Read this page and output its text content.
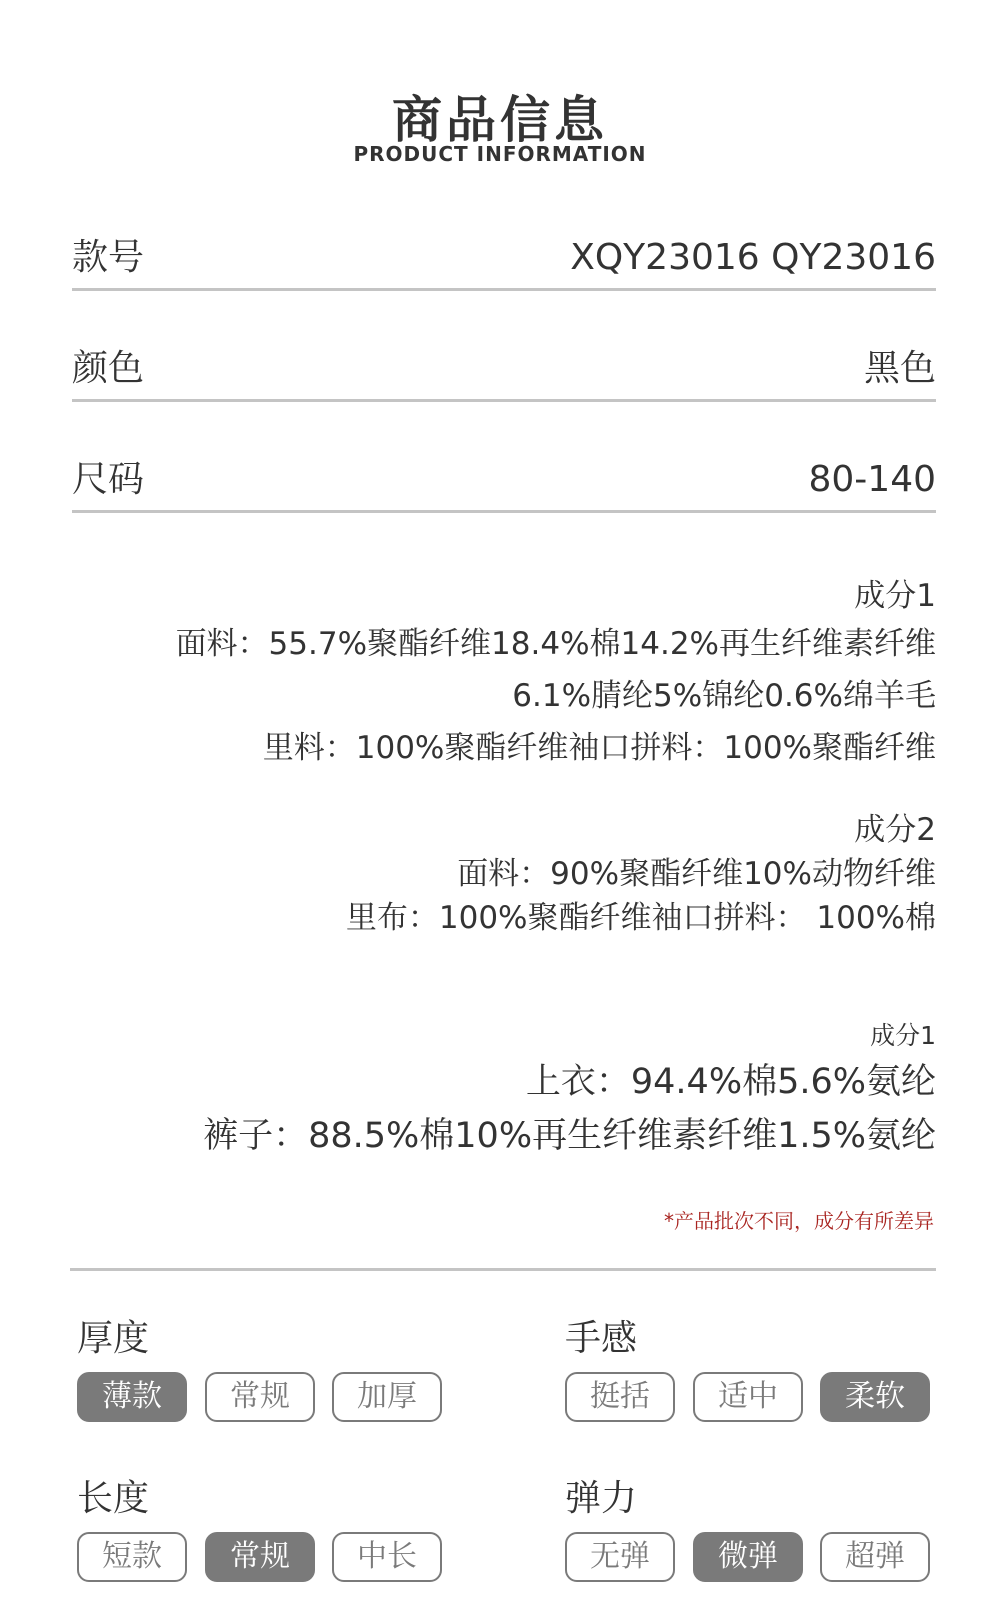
商品信息
PRODUCT INFORMATION
款号	XQY23016 QY23016
颜色	黑色
尺码	80-140
成分1
面料：55.7%聚酯纤维18.4%棉14.2%再生纤维素纤维
6.1%腈纶5%锦纶0.6%绵羊毛
里料：100%聚酯纤维袖口拼料：100%聚酯纤维
成分2
面料：90%聚酯纤维10%动物纤维
里布：100%聚酯纤维袖口拼料： 100%棉
成分1
上衣：94.4%棉5.6%氨纶
裤子：88.5%棉10%再生纤维素纤维1.5%氨纶
*产品批次不同，成分有所差异
厚度
薄款	常规	加厚
手感
挺括	适中	柔软
长度
短款	常规	中长
弹力
无弹	微弹	超弹
